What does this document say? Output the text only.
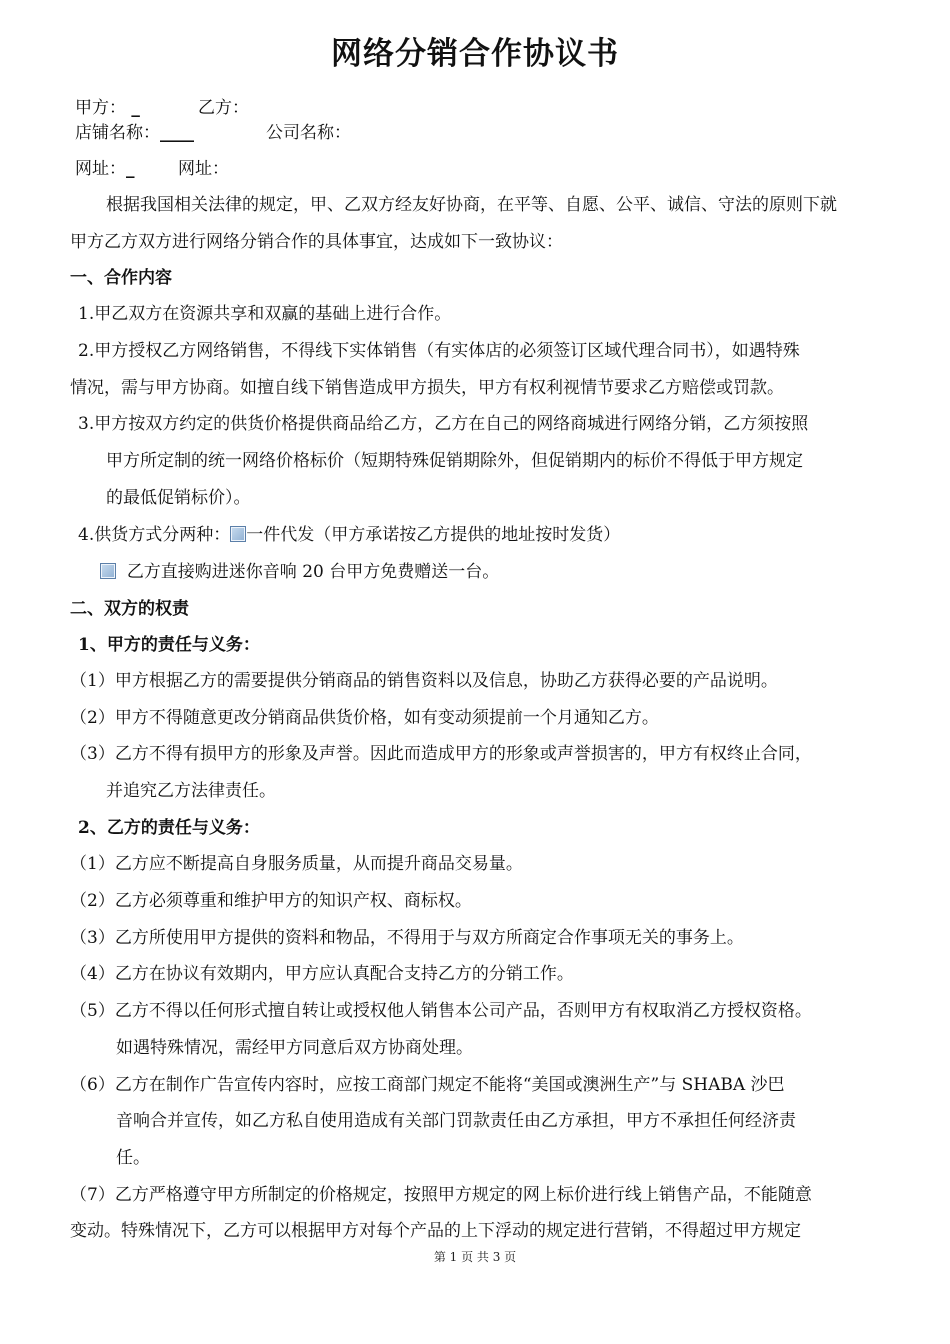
网络分销合作协议书
甲方： _	乙方：
店铺名称：____	公司名称：
网址：_	网址：
根据我国相关法律的规定，甲、乙双方经友好协商，在平等、自愿、公平、诚信、守法的原则下就
甲方乙方双方进行网络分销合作的具体事宜，达成如下一致协议：
一、合作内容
1.甲乙双方在资源共享和双赢的基础上进行合作。
2.甲方授权乙方网络销售，不得线下实体销售（有实体店的必须签订区域代理合同书），如遇特殊
情况，需与甲方协商。如擅自线下销售造成甲方损失，甲方有权利视情节要求乙方赔偿或罚款。
3.甲方按双方约定的供货价格提供商品给乙方，乙方在自己的网络商城进行网络分销，乙方须按照
甲方所定制的统一网络价格标价（短期特殊促销期除外，但促销期内的标价不得低于甲方规定
的最低促销标价）。
4.供货方式分两种： 一件代发（甲方承诺按乙方提供的地址按时发货）
乙方直接购进迷你音响 20 台甲方免费赠送一台。
二、双方的权责
1、甲方的责任与义务：
（1）甲方根据乙方的需要提供分销商品的销售资料以及信息，协助乙方获得必要的产品说明。
（2）甲方不得随意更改分销商品供货价格，如有变动须提前一个月通知乙方。
（3）乙方不得有损甲方的形象及声誉。因此而造成甲方的形象或声誉损害的，甲方有权终止合同，
并追究乙方法律责任。
2、乙方的责任与义务：
（1）乙方应不断提高自身服务质量，从而提升商品交易量。
（2）乙方必须尊重和维护甲方的知识产权、商标权。
（3）乙方所使用甲方提供的资料和物品，不得用于与双方所商定合作事项无关的事务上。
（4）乙方在协议有效期内，甲方应认真配合支持乙方的分销工作。
（5）乙方不得以任何形式擅自转让或授权他人销售本公司产品，否则甲方有权取消乙方授权资格。
如遇特殊情况，需经甲方同意后双方协商处理。
（6）乙方在制作广告宣传内容时，应按工商部门规定不能将“美国或澳洲生产”与 SHABA 沙巴
音响合并宣传，如乙方私自使用造成有关部门罚款责任由乙方承担，甲方不承担任何经济责
任。
（7）乙方严格遵守甲方所制定的价格规定，按照甲方规定的网上标价进行线上销售产品，不能随意
变动。特殊情况下，乙方可以根据甲方对每个产品的上下浮动的规定进行营销，不得超过甲方规定
第 1 页 共 3 页
